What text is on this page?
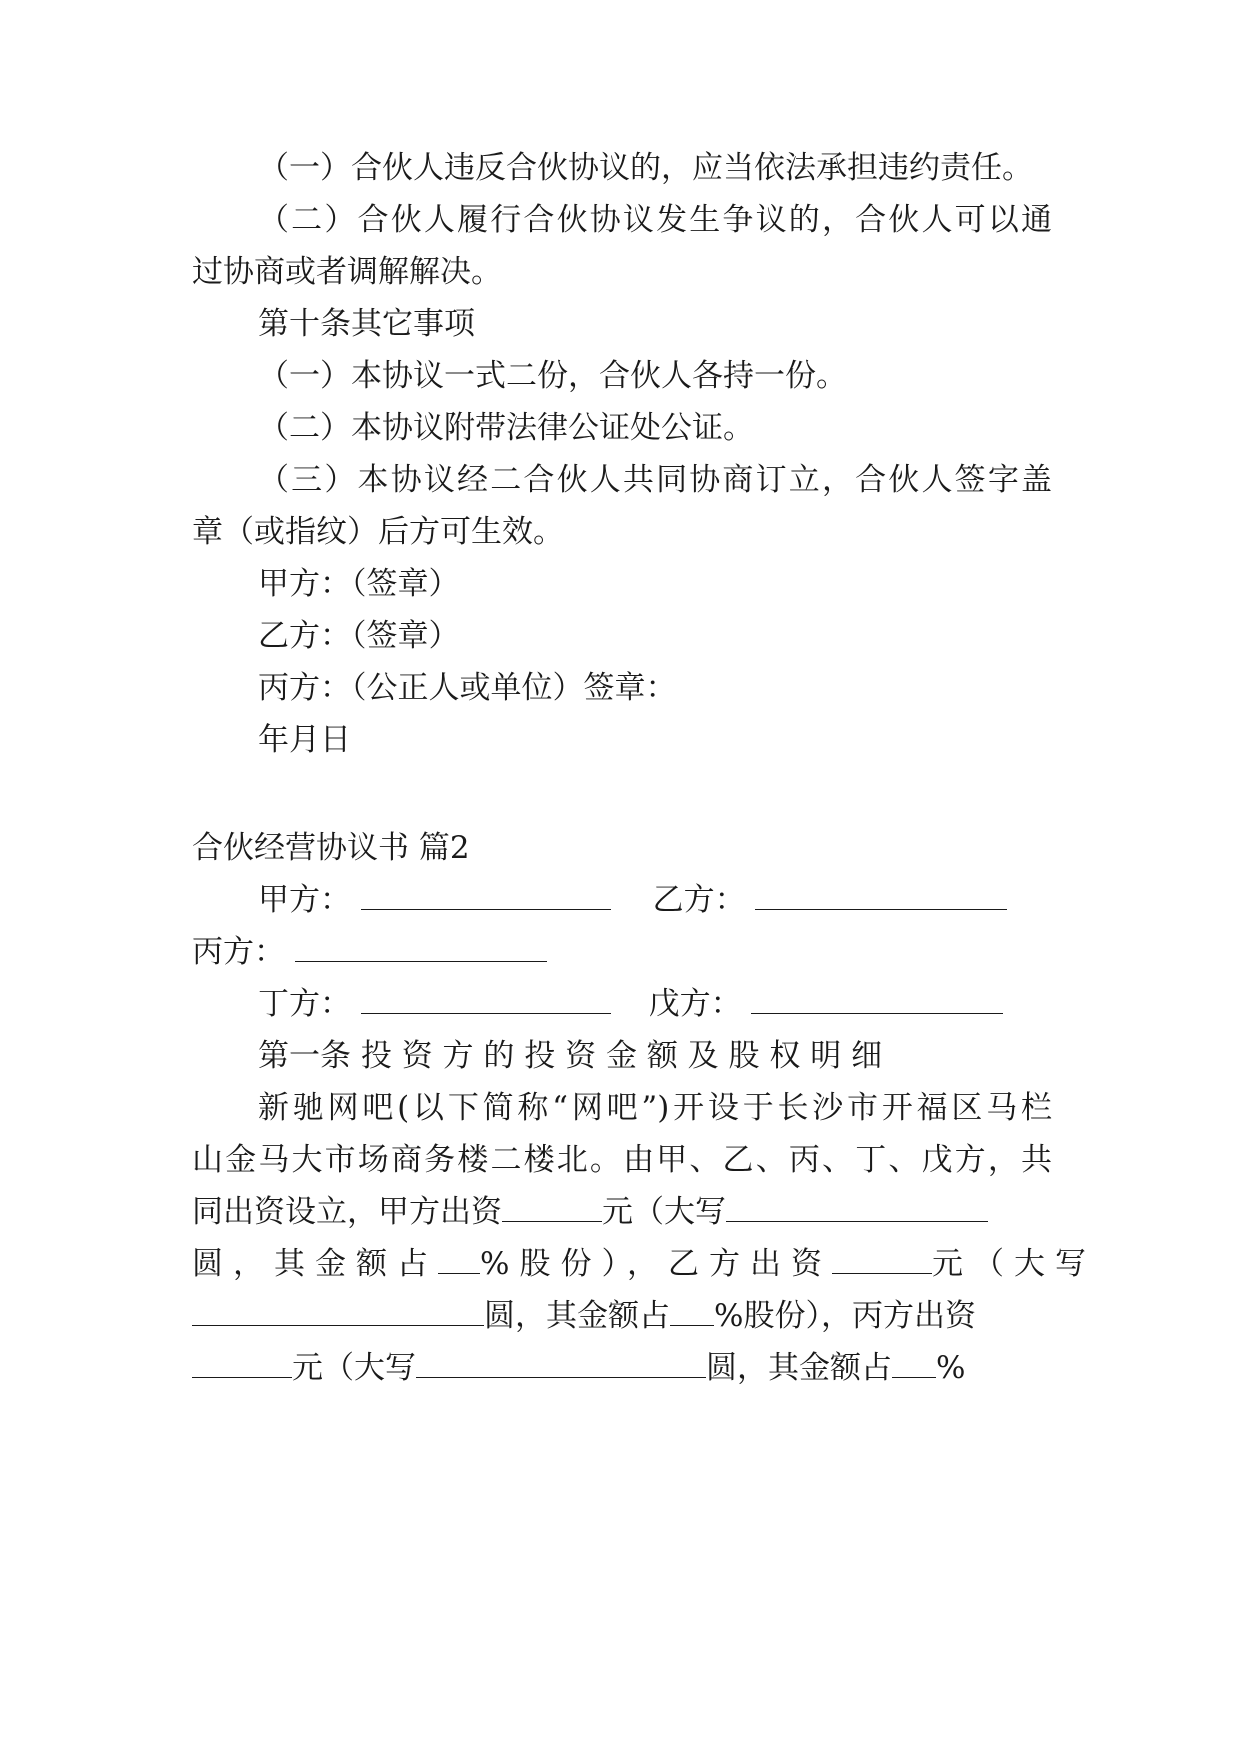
（一）合伙人违反合伙协议的，应当依法承担违约责任。
（二）合伙人履行合伙协议发生争议的，合伙人可以通
过协商或者调解解决。
第十条其它事项
（一）本协议一式二份，合伙人各持一份。
（二）本协议附带法律公证处公证。
（三）本协议经二合伙人共同协商订立，合伙人签字盖
章（或指纹）后方可生效。
甲方：（签章）
乙方：（签章）
丙方：（公正人或单位）签章：
年月日
合伙经营协议书 篇2
甲方：	乙方：
丙方：
丁方：	戊方：
第一条 投 资 方 的 投 资 金 额 及 股 权 明 细
新驰网吧(以下简称“网吧”)开设于长沙市开福区马栏
山金马大市场商务楼二楼北。由甲、乙、丙、丁、戊方，共
同出资设立，甲方出资	元（大写
圆，其金额占 %股份），乙方出资	元（大写
圆，其金额占 %股份），丙方出资
元（大写	圆，其金额占 %
